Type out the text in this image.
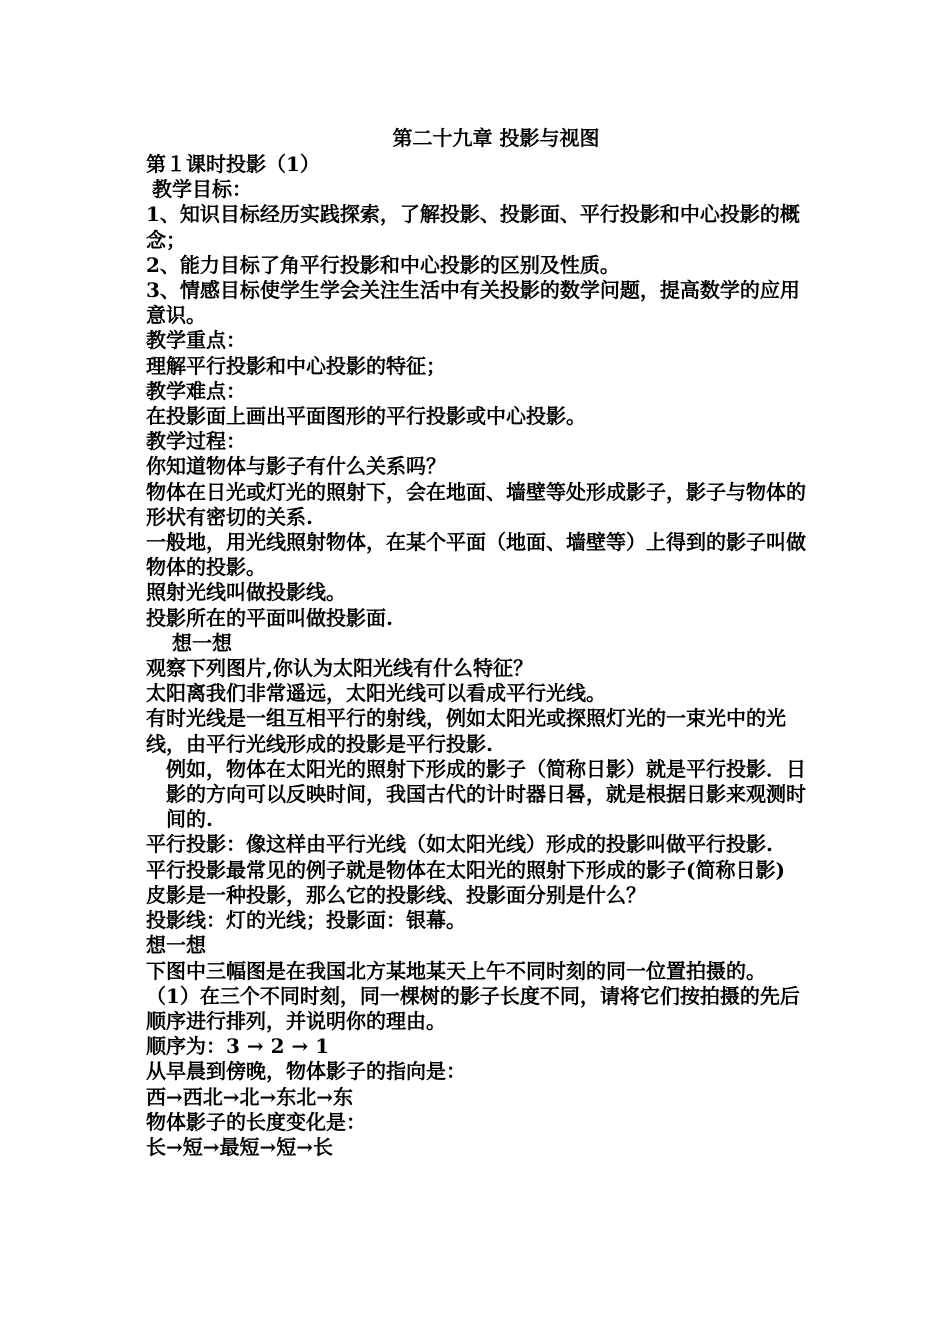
第二十九章 投影与视图
第１课时投影（1）
教学目标：
1、知识目标经历实践探索，了解投影、投影面、平行投影和中心投影的概念；
2、能力目标了角平行投影和中心投影的区别及性质。
3、情感目标使学生学会关注生活中有关投影的数学问题，提高数学的应用意识。
教学重点：
理解平行投影和中心投影的特征；
教学难点：
在投影面上画出平面图形的平行投影或中心投影。
教学过程：
你知道物体与影子有什么关系吗？
物体在日光或灯光的照射下，会在地面、墙壁等处形成影子，影子与物体的形状有密切的关系.
一般地，用光线照射物体，在某个平面（地面、墙壁等）上得到的影子叫做物体的投影。
照射光线叫做投影线。
投影所在的平面叫做投影面.
想一想
观察下列图片,你认为太阳光线有什么特征？
太阳离我们非常遥远，太阳光线可以看成平行光线。
有时光线是一组互相平行的射线，例如太阳光或探照灯光的一束光中的光线，由平行光线形成的投影是平行投影.
例如，物体在太阳光的照射下形成的影子（简称日影）就是平行投影．日影的方向可以反映时间，我国古代的计时器日晷，就是根据日影来观测时间的.
平行投影：像这样由平行光线（如太阳光线）形成的投影叫做平行投影.
平行投影最常见的例子就是物体在太阳光的照射下形成的影子(简称日影)
皮影是一种投影，那么它的投影线、投影面分别是什么？
投影线：灯的光线；投影面：银幕。
想一想
下图中三幅图是在我国北方某地某天上午不同时刻的同一位置拍摄的。
（1）在三个不同时刻，同一棵树的影子长度不同，请将它们按拍摄的先后顺序进行排列，并说明你的理由。
顺序为：3 → 2 → 1
从早晨到傍晚，物体影子的指向是：
西→西北→北→东北→东
物体影子的长度变化是：
长→短→最短→短→长
